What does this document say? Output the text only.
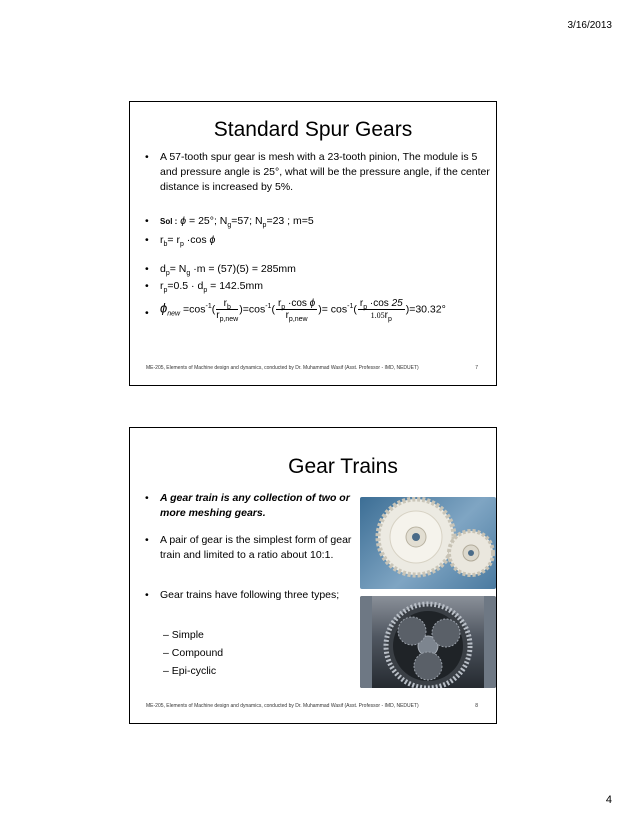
3/16/2013
Standard Spur Gears
• A 57-tooth spur gear is mesh with a 23-tooth pinion, The module is 5 and pressure angle is 25°, what will be the pressure angle, if the center distance is increased by 5%.
• Sol : ϕ = 25°; $N_g=57$; $N_p=23$ ; m=5
• $r_b= r_p \cdot\cos$ ϕ
• $d_p= N_g \cdot m = (57)(5) = 285mm$
• $r_p=0.5 \cdot d_p = 142.5mm$
• $\phi_{new} =\cos^{-1}( \frac{r_b}{r_{p,new}} )=\cos^{-1}( \frac{r_p \cdot\cos \phi}{r_{p,new}}$ )= $\cos^{-1}( \frac{r_p \cdot\cos 25}{1.05r_p} )=30.32^\circ$
ME-205, Elements of Machine design and dynamics, conducted by Dr. Muhammad Wasif (Asst. Professor - IMD, NEDUET)	7
Gear Trains
• A gear train is any collection of two or more meshing gears.
• A pair of gear is the simplest form of gear train and limited to a ratio about 10:1.
• Gear trains have following three types;
– Simple
– Compound
– Epi-cyclic
ME-205, Elements of Machine design and dynamics, conducted by Dr. Muhammad Wasif (Asst. Professor - IMD, NEDUET)	8
4
